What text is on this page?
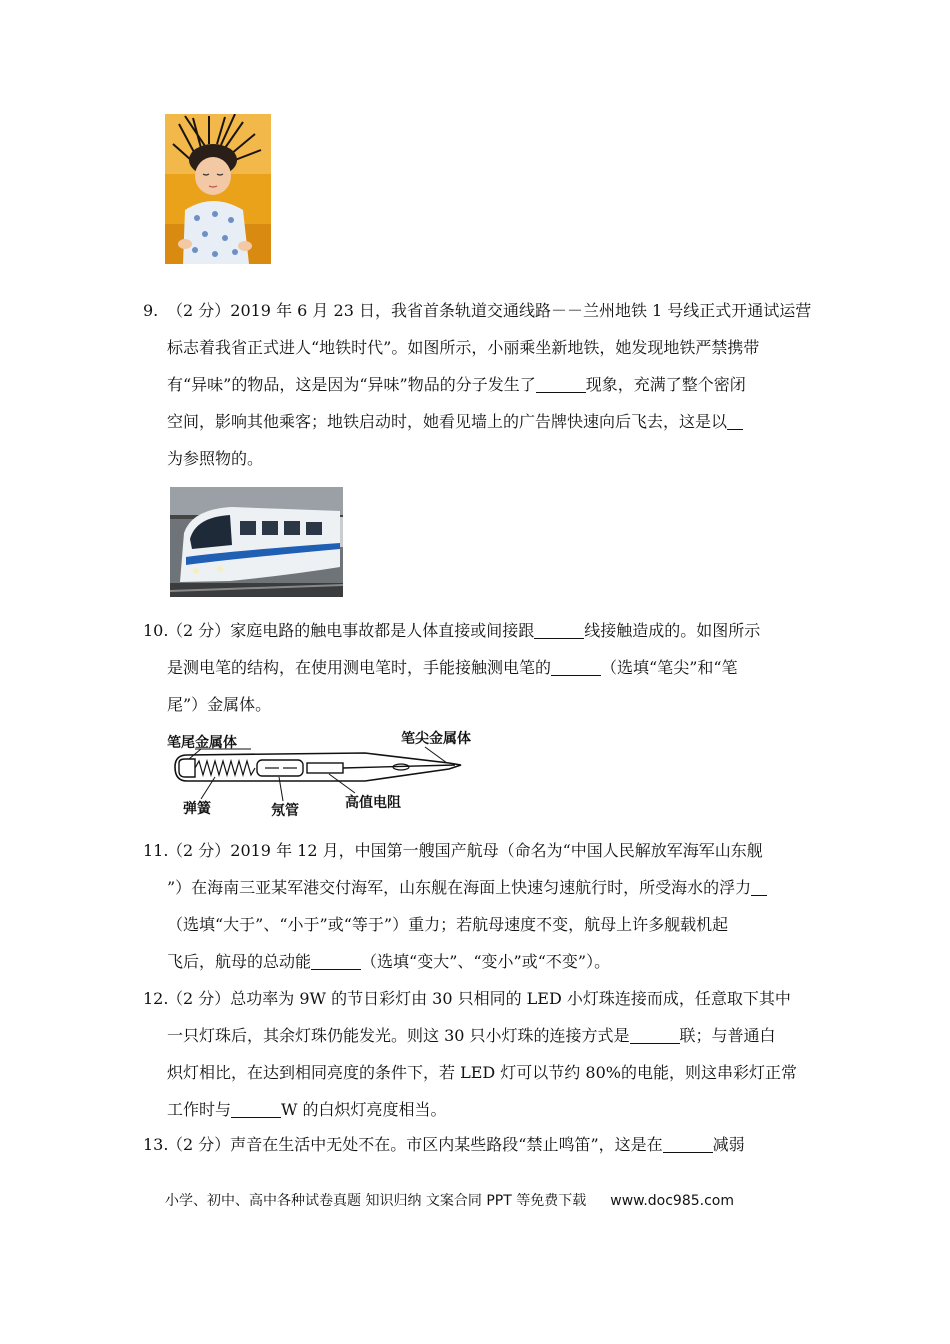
9. （2 分）2019 年 6 月 23 日，我省首条轨道交通线路－－兰州地铁 1 号线正式开通试运营
标志着我省正式进人“地铁时代”。如图所示，小丽乘坐新地铁，她发现地铁严禁携带
有“异味”的物品，这是因为“异味”物品的分子发生了	现象，充满了整个密闭
空间，影响其他乘客；地铁启动时，她看见墙上的广告牌快速向后飞去，这是以
为参照物的。
10.（2 分）家庭电路的触电事故都是人体直接或间接跟	线接触造成的。如图所示
是测电笔的结构，在使用测电笔时，手能接触测电笔的	（选填“笔尖”和“笔
尾”）金属体。
笔尾金属体	笔尖金属体
弹簧	氖管	高值电阻
11.（2 分）2019 年 12 月，中国第一艘国产航母（命名为“中国人民解放军海军山东舰
”）在海南三亚某军港交付海军，山东舰在海面上快速匀速航行时，所受海水的浮力
（选填“大于”、“小于”或“等于”）重力；若航母速度不变，航母上许多舰载机起
飞后，航母的总动能	（选填“变大”、“变小”或“不变”）。
12.（2 分）总功率为 9W 的节日彩灯由 30 只相同的 LED 小灯珠连接而成，任意取下其中
一只灯珠后，其余灯珠仍能发光。则这 30 只小灯珠的连接方式是	联；与普通白
炽灯相比，在达到相同亮度的条件下，若 LED 灯可以节约 80%的电能，则这串彩灯正常
工作时与	W 的白炽灯亮度相当。
13.（2 分）声音在生活中无处不在。市区内某些路段“禁止鸣笛”，这是在	减弱
小学、初中、高中各种试卷真题 知识归纳 文案合同 PPT 等免费下载 www.doc985.com
